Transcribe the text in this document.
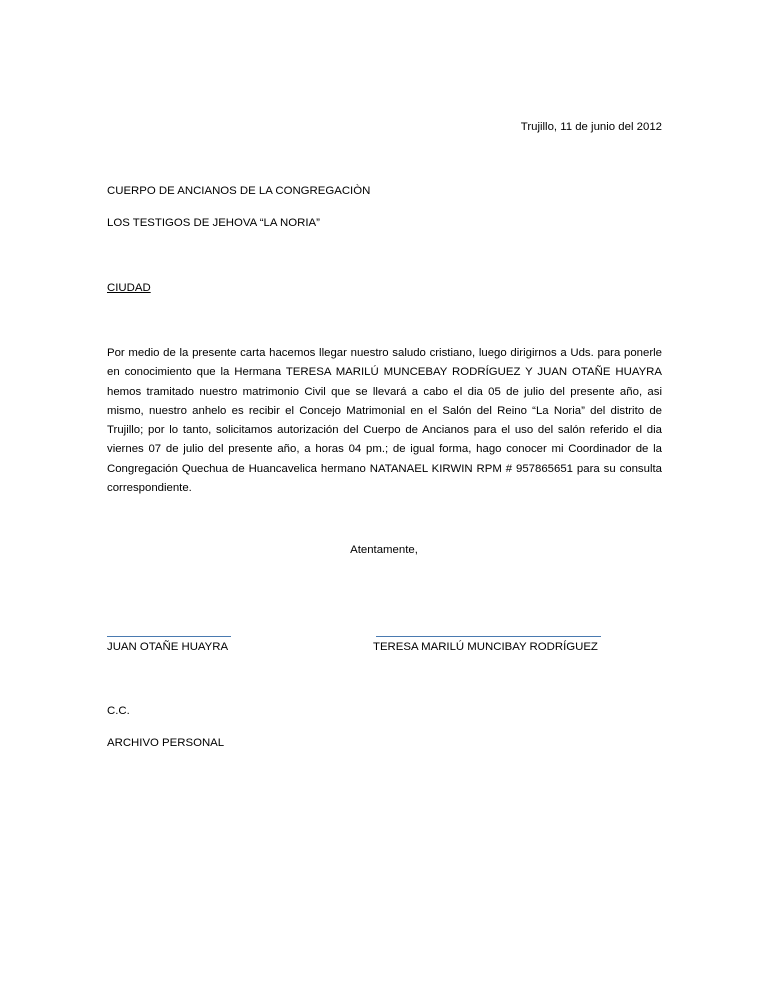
Trujillo, 11 de junio del 2012
CUERPO DE ANCIANOS DE LA CONGREGACIÒN
LOS TESTIGOS DE JEHOVA “LA NORIA”
CIUDAD
Por medio de la presente carta hacemos llegar nuestro saludo cristiano, luego dirigirnos a Uds. para ponerle en conocimiento que la Hermana TERESA MARILÚ MUNCEBAY RODRÍGUEZ Y JUAN OTAÑE HUAYRA hemos tramitado nuestro matrimonio Civil que se llevará a cabo el dia 05 de julio del presente año, asi mismo, nuestro anhelo es recibir el Concejo Matrimonial en el Salón del Reino “La Noria” del distrito de Trujillo; por lo tanto, solicitamos autorización del Cuerpo de Ancianos para el uso del salón referido el dia viernes 07 de julio del presente año, a horas 04 pm.; de igual forma, hago conocer mi Coordinador de la Congregación Quechua de Huancavelica hermano NATANAEL KIRWIN RPM # 957865651 para su consulta correspondiente.
Atentamente,
JUAN OTAÑE HUAYRA	TERESA MARILÚ MUNCIBAY RODRÍGUEZ
C.C.
ARCHIVO PERSONAL
